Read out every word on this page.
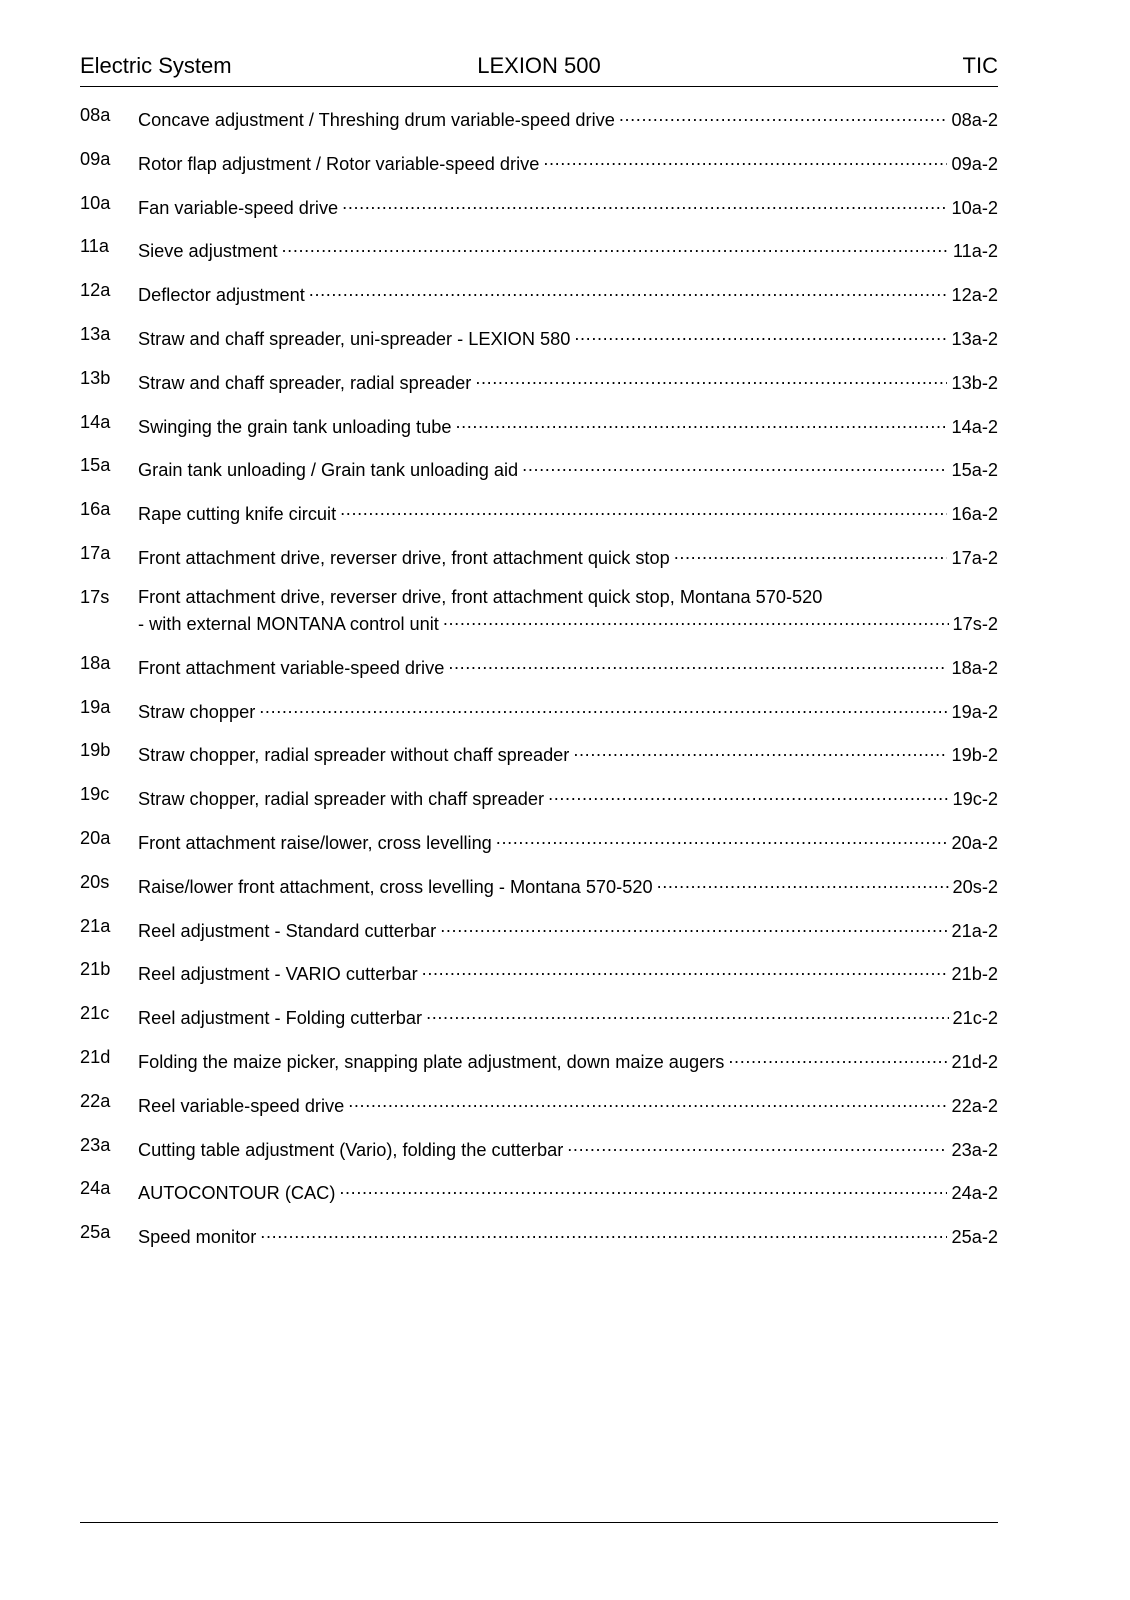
Electric System	LEXION 500	TIC
08a	Concave adjustment / Threshing drum variable-speed drive .....	08a-2
09a	Rotor flap adjustment / Rotor variable-speed drive .....	09a-2
10a	Fan variable-speed drive .....	10a-2
11a	Sieve adjustment .....	11a-2
12a	Deflector adjustment .....	12a-2
13a	Straw and chaff spreader, uni-spreader - LEXION 580 .....	13a-2
13b	Straw and chaff spreader, radial spreader .....	13b-2
14a	Swinging the grain tank unloading tube .....	14a-2
15a	Grain tank unloading / Grain tank unloading aid .....	15a-2
16a	Rape cutting knife circuit .....	16a-2
17a	Front attachment drive, reverser drive, front attachment quick stop .....	17a-2
17s	Front attachment drive, reverser drive, front attachment quick stop, Montana 570-520
- with external MONTANA control unit .....	17s-2
18a	Front attachment variable-speed drive .....	18a-2
19a	Straw chopper .....	19a-2
19b	Straw chopper, radial spreader without chaff spreader .....	19b-2
19c	Straw chopper, radial spreader with chaff spreader .....	19c-2
20a	Front attachment raise/lower, cross levelling .....	20a-2
20s	Raise/lower front attachment, cross levelling - Montana 570-520 .....	20s-2
21a	Reel adjustment - Standard cutterbar .....	21a-2
21b	Reel adjustment - VARIO cutterbar .....	21b-2
21c	Reel adjustment - Folding cutterbar .....	21c-2
21d	Folding the maize picker, snapping plate adjustment, down maize augers .....	21d-2
22a	Reel variable-speed drive .....	22a-2
23a	Cutting table adjustment (Vario), folding the cutterbar .....	23a-2
24a	AUTOCONTOUR (CAC) .....	24a-2
25a	Speed monitor .....	25a-2
